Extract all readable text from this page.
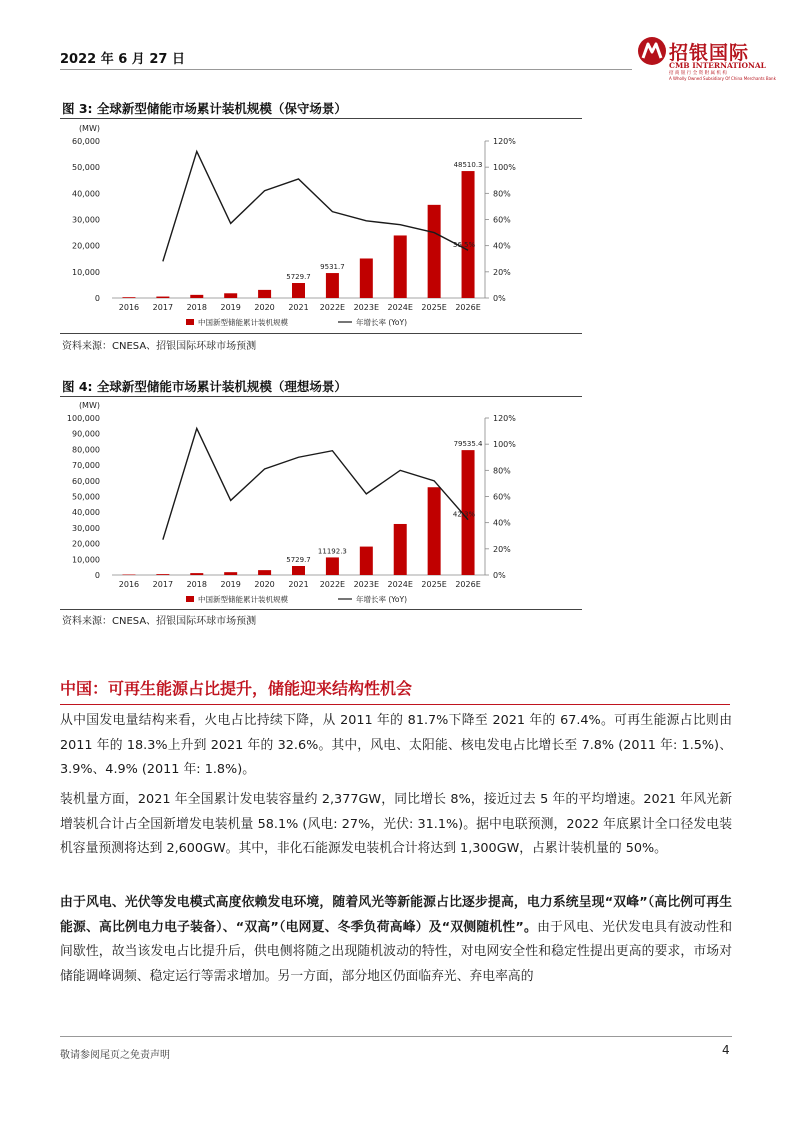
2022 年 6 月 27 日	招银国际
CMB INTERNATIONAL
招 商 银 行 全 资 附 属 机 构
A Wholly Owned Subsidiary Of China Merchants Bank
图 3: 全球新型储能市场累计装机规模（保守场景）
(MW)
0
10,000
20,000
30,000
40,000
50,000
60,000
0%
20%
40%
60%
80%
100%
120%
2016 2017 2018 2019 2020 2021 2022E 2023E 2024E 2025E 2026E
5729.7
9531.7
48510.3
36.5%
中国新型储能累计装机规模	年增长率 (YoY)
资料来源：CNESA、招银国际环球市场预测
图 4: 全球新型储能市场累计装机规模（理想场景）
(MW)
0
10,000
20,000
30,000
40,000
50,000
60,000
70,000
80,000
90,000
100,000
0%
20%
40%
60%
80%
100%
120%
2016 2017 2018 2019 2020 2021 2022E 2023E 2024E 2025E 2026E
5729.7
11192.3
79535.4
42.3%
中国新型储能累计装机规模	年增长率 (YoY)
资料来源：CNESA、招银国际环球市场预测
中国：可再生能源占比提升，储能迎来结构性机会
从中国发电量结构来看，火电占比持续下降，从 2011 年的 81.7%下降至 2021 年的 67.4%。可再生能源占比则由 2011 年的 18.3%上升到 2021 年的 32.6%。其中，风电、太阳能、核电发电占比增长至 7.8% (2011 年: 1.5%)、3.9%、4.9% (2011 年: 1.8%)。
装机量方面，2021 年全国累计发电装容量约 2,377GW，同比增长 8%，接近过去 5 年的平均增速。2021 年风光新增装机合计占全国新增发电装机量 58.1% (风电: 27%，光伏: 31.1%)。据中电联预测，2022 年底累计全口径发电装机容量预测将达到 2,600GW。其中，非化石能源发电装机合计将达到 1,300GW，占累计装机量的 50%。
由于风电、光伏等发电模式高度依赖发电环境，随着风光等新能源占比逐步提高，电力系统呈现“双峰”（高比例可再生能源、高比例电力电子装备）、“双高”（电网夏、冬季负荷高峰）及“双侧随机性”。由于风电、光伏发电具有波动性和间歇性，故当该发电占比提升后，供电侧将随之出现随机波动的特性，对电网安全性和稳定性提出更高的要求，市场对储能调峰调频、稳定运行等需求增加。另一方面，部分地区仍面临弃光、弃电率高的
敬请参阅尾页之免责声明	4
